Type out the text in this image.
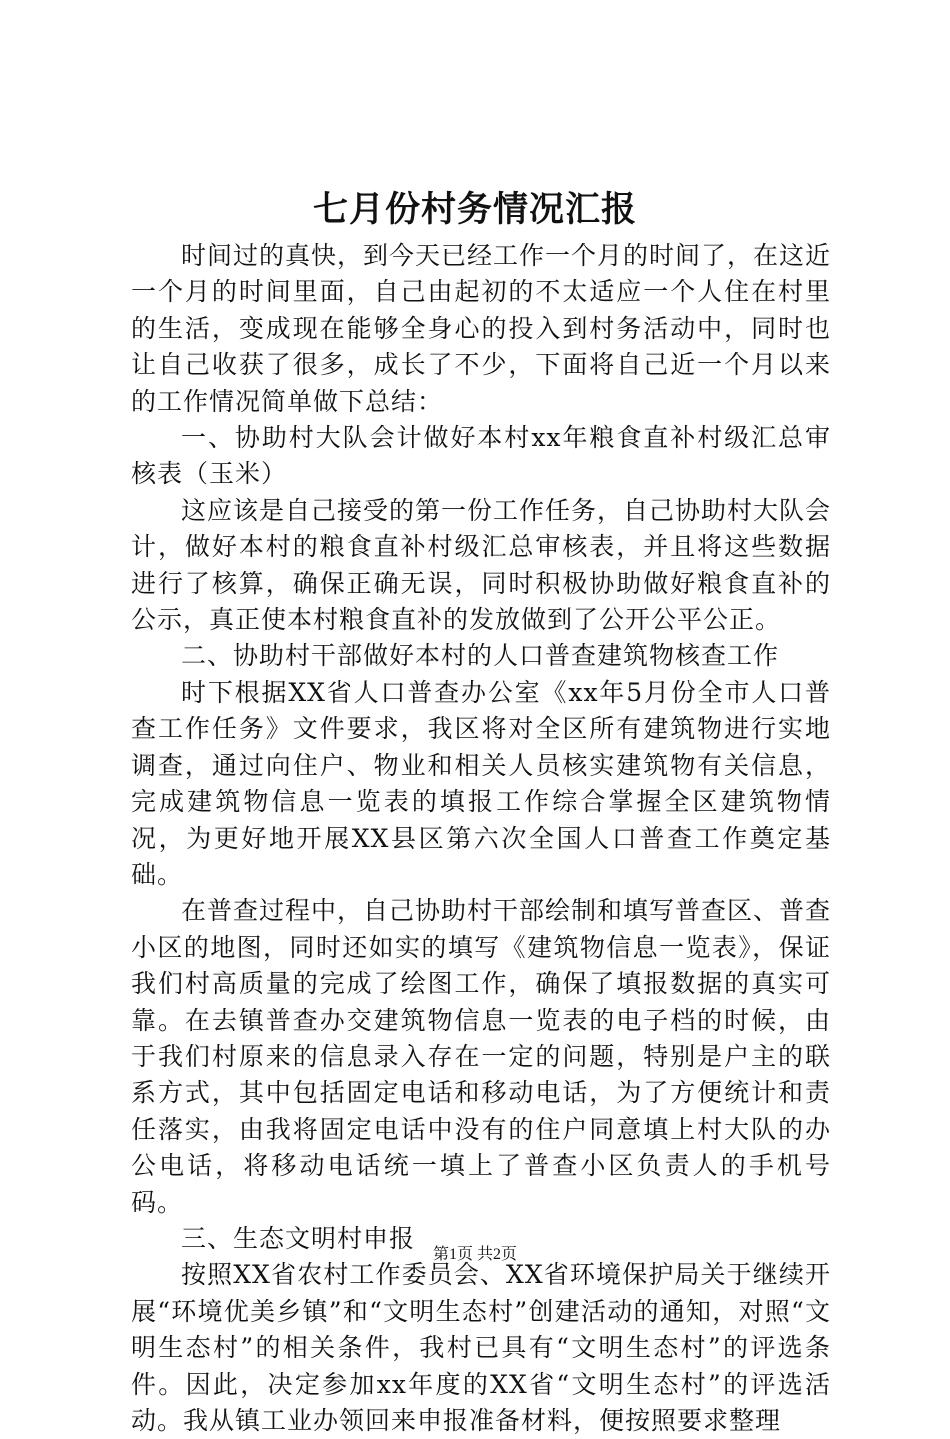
七月份村务情况汇报

时间过的真快，到今天已经工作一个月的时间了，在这近一个月的时间里面，自己由起初的不太适应一个人住在村里的生活，变成现在能够全身心的投入到村务活动中，同时也让自己收获了很多，成长了不少，下面将自己近一个月以来的工作情况简单做下总结：

一、协助村大队会计做好本村xx年粮食直补村级汇总审核表（玉米）

这应该是自己接受的第一份工作任务，自己协助村大队会计，做好本村的粮食直补村级汇总审核表，并且将这些数据进行了核算，确保正确无误，同时积极协助做好粮食直补的公示，真正使本村粮食直补的发放做到了公开公平公正。

二、协助村干部做好本村的人口普查建筑物核查工作

时下根据XX省人口普查办公室《xx年5月份全市人口普查工作任务》文件要求，我区将对全区所有建筑物进行实地调查，通过向住户、物业和相关人员核实建筑物有关信息，完成建筑物信息一览表的填报工作综合掌握全区建筑物情况，为更好地开展XX县区第六次全国人口普查工作奠定基础。

在普查过程中，自己协助村干部绘制和填写普查区、普查小区的地图，同时还如实的填写《建筑物信息一览表》，保证我们村高质量的完成了绘图工作，确保了填报数据的真实可靠。在去镇普查办交建筑物信息一览表的电子档的时候，由于我们村原来的信息录入存在一定的问题，特别是户主的联系方式，其中包括固定电话和移动电话，为了方便统计和责任落实，由我将固定电话中没有的住户同意填上村大队的办公电话，将移动电话统一填上了普查小区负责人的手机号码。

三、生态文明村申报

按照XX省农村工作委员会、XX省环境保护局关于继续开展“环境优美乡镇”和“文明生态村”创建活动的通知，对照“文明生态村”的相关条件，我村已具有“文明生态村”的评选条件。因此，决定参加xx年度的XX省“文明生态村”的评选活动。我从镇工业办领回来申报准备材料，便按照要求整理

第1页 共2页
